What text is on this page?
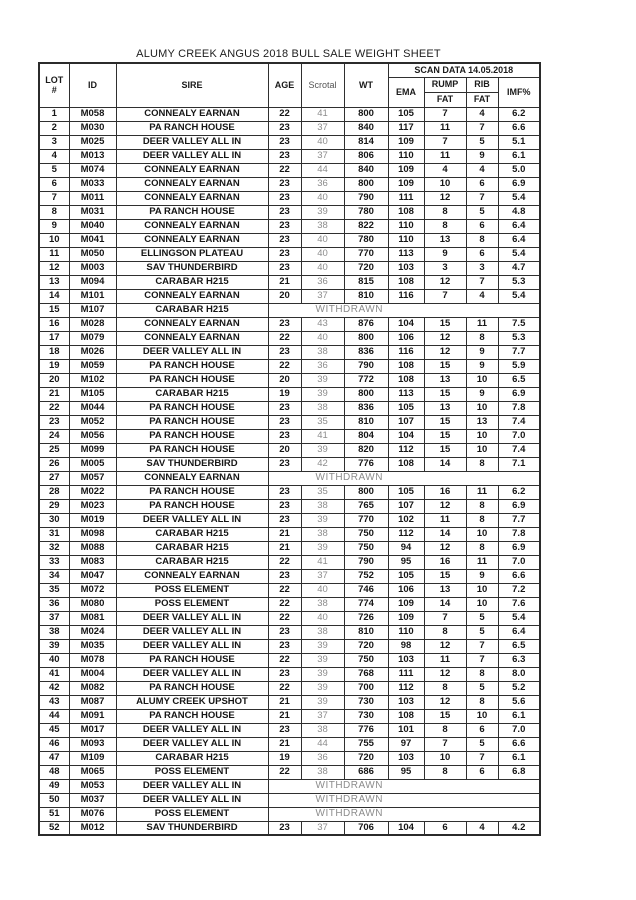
ALUMY CREEK ANGUS 2018 BULL SALE WEIGHT SHEET
LOT
#	ID	SIRE	AGE	Scrotal	WT	SCAN DATA 14.05.2018			
						EMA	RUMP	RIB	IMF%
							FAT	FAT	
1	M058	CONNEALY EARNAN	22	41	800	105	7	4	6.2
2	M030	PA RANCH HOUSE	23	37	840	117	11	7	6.6
3	M025	DEER VALLEY ALL IN	23	40	814	109	7	5	5.1
4	M013	DEER VALLEY ALL IN	23	37	806	110	11	9	6.1
5	M074	CONNEALY EARNAN	22	44	840	109	4	4	5.0
6	M033	CONNEALY EARNAN	23	36	800	109	10	6	6.9
7	M011	CONNEALY EARNAN	23	40	790	111	12	7	5.4
8	M031	PA RANCH HOUSE	23	39	780	108	8	5	4.8
9	M040	CONNEALY EARNAN	23	38	822	110	8	6	6.4
10	M041	CONNEALY EARNAN	23	40	780	110	13	8	6.4
11	M050	ELLINGSON PLATEAU	23	40	770	113	9	6	5.4
12	M003	SAV THUNDERBIRD	23	40	720	103	3	3	4.7
13	M094	CARABAR H215	21	36	815	108	12	7	5.3
14	M101	CONNEALY EARNAN	20	37	810	116	7	4	5.4
15	M107	CARABAR H215	WITHDRAWN						
16	M028	CONNEALY EARNAN	23	43	876	104	15	11	7.5
17	M079	CONNEALY EARNAN	22	40	800	106	12	8	5.3
18	M026	DEER VALLEY ALL IN	23	38	836	116	12	9	7.7
19	M059	PA RANCH HOUSE	22	36	790	108	15	9	5.9
20	M102	PA RANCH HOUSE	20	39	772	108	13	10	6.5
21	M105	CARABAR H215	19	39	800	113	15	9	6.9
22	M044	PA RANCH HOUSE	23	38	836	105	13	10	7.8
23	M052	PA RANCH HOUSE	23	35	810	107	15	13	7.4
24	M056	PA RANCH HOUSE	23	41	804	104	15	10	7.0
25	M099	PA RANCH HOUSE	20	39	820	112	15	10	7.4
26	M005	SAV THUNDERBIRD	23	42	776	108	14	8	7.1
27	M057	CONNEALY EARNAN	WITHDRAWN						
28	M022	PA RANCH HOUSE	23	35	800	105	16	11	6.2
29	M023	PA RANCH HOUSE	23	38	765	107	12	8	6.9
30	M019	DEER VALLEY ALL IN	23	39	770	102	11	8	7.7
31	M098	CARABAR H215	21	38	750	112	14	10	7.8
32	M088	CARABAR H215	21	39	750	94	12	8	6.9
33	M083	CARABAR H215	22	41	790	95	16	11	7.0
34	M047	CONNEALY EARNAN	23	37	752	105	15	9	6.6
35	M072	POSS ELEMENT	22	40	746	106	13	10	7.2
36	M080	POSS ELEMENT	22	38	774	109	14	10	7.6
37	M081	DEER VALLEY ALL IN	22	40	726	109	7	5	5.4
38	M024	DEER VALLEY ALL IN	23	38	810	110	8	5	6.4
39	M035	DEER VALLEY ALL IN	23	39	720	98	12	7	6.5
40	M078	PA RANCH HOUSE	22	39	750	103	11	7	6.3
41	M004	DEER VALLEY ALL IN	23	39	768	111	12	8	8.0
42	M082	PA RANCH HOUSE	22	39	700	112	8	5	5.2
43	M087	ALUMY CREEK UPSHOT	21	39	730	103	12	8	5.6
44	M091	PA RANCH HOUSE	21	37	730	108	15	10	6.1
45	M017	DEER VALLEY ALL IN	23	38	776	101	8	6	7.0
46	M093	DEER VALLEY ALL IN	21	44	755	97	7	5	6.6
47	M109	CARABAR H215	19	36	720	103	10	7	6.1
48	M065	POSS ELEMENT	22	38	686	95	8	6	6.8
49	M053	DEER VALLEY ALL IN	WITHDRAWN						
50	M037	DEER VALLEY ALL IN	WITHDRAWN						
51	M076	POSS ELEMENT	WITHDRAWN						
52	M012	SAV THUNDERBIRD	23	37	706	104	6	4	4.2
